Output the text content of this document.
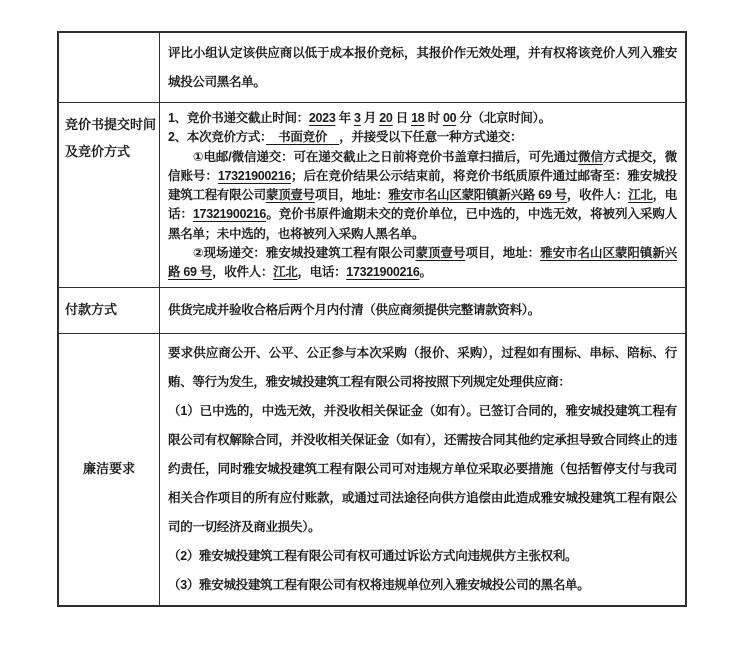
评比小组认定该供应商以低于成本报价竞标，其报价作无效处理，并有权将该竞价人列入雅安城投公司黑名单。
竞价书提交时间
及竞价方式
1、竞价书递交截止时间：2023 年 3 月 20 日 18 时 00 分（北京时间）。
2、本次竞价方式：　书面竞价　，并接受以下任意一种方式递交：
①电邮/微信递交：可在递交截止之日前将竞价书盖章扫描后，可先通过微信方式提交，微信账号：17321900216；后在竞价结果公示结束前，将竞价书纸质原件通过邮寄至：雅安城投建筑工程有限公司蒙顶壹号项目，地址：雅安市名山区蒙阳镇新兴路 69 号，收件人：江北，电话：17321900216。竞价书原件逾期未交的竞价单位，已中选的，中选无效，将被列入采购人黑名单；未中选的，也将被列入采购人黑名单。
②现场递交：雅安城投建筑工程有限公司蒙顶壹号项目，地址：雅安市名山区蒙阳镇新兴路 69 号，收件人：江北，电话：17321900216。
付款方式	供货完成并验收合格后两个月内付清（供应商须提供完整请款资料）。
廉洁要求
要求供应商公开、公平、公正参与本次采购（报价、采购），过程如有围标、串标、陪标、行贿、等行为发生，雅安城投建筑工程有限公司将按照下列规定处理供应商：
（1）已中选的，中选无效，并没收相关保证金（如有）。已签订合同的，雅安城投建筑工程有限公司有权解除合同，并没收相关保证金（如有），还需按合同其他约定承担导致合同终止的违约责任，同时雅安城投建筑工程有限公司可对违规方单位采取必要措施（包括暂停支付与我司相关合作项目的所有应付账款，或通过司法途径向供方追偿由此造成雅安城投建筑工程有限公司的一切经济及商业损失）。
（2）雅安城投建筑工程有限公司有权可通过诉讼方式向违规供方主张权利。
（3）雅安城投建筑工程有限公司有权将违规单位列入雅安城投公司的黑名单。
